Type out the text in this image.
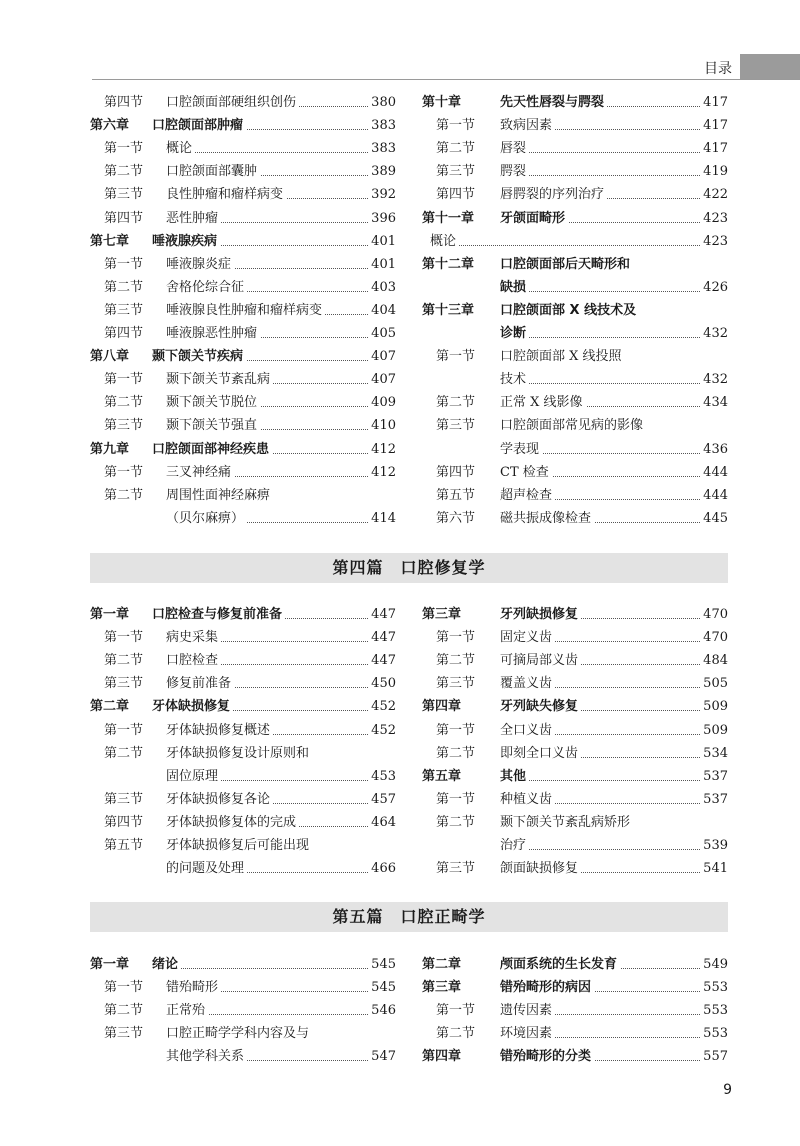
目录
第四节 口腔颌面部硬组织创伤	380
第六章 口腔颌面部肿瘤	383
第一节 概论	383
第二节 口腔颌面部囊肿	389
第三节 良性肿瘤和瘤样病变	392
第四节 恶性肿瘤	396
第七章 唾液腺疾病	401
第一节 唾液腺炎症	401
第二节 舍格伦综合征	403
第三节 唾液腺良性肿瘤和瘤样病变	404
第四节 唾液腺恶性肿瘤	405
第八章 颞下颌关节疾病	407
第一节 颞下颌关节紊乱病	407
第二节 颞下颌关节脱位	409
第三节 颞下颌关节强直	410
第九章 口腔颌面部神经疾患	412
第一节 三叉神经痛	412
第二节 周围性面神经麻痹
（贝尔麻痹）	414
第十章	先天性唇裂与腭裂	417
第一节 致病因素	417
第二节 唇裂	417
第三节 腭裂	419
第四节 唇腭裂的序列治疗	422
第十一章 牙颌面畸形	423
概论	423
第十二章 口腔颌面部后天畸形和
缺损	426
第十三章 口腔颌面部 X 线技术及
诊断	432
第一节 口腔颌面部 X 线投照
技术	432
第二节 正常 X 线影像	434
第三节 口腔颌面部常见病的影像
学表现	436
第四节 CT 检查	444
第五节 超声检查	444
第六节 磁共振成像检查	445
第四篇　口腔修复学
第一章 口腔检查与修复前准备	447
第一节 病史采集	447
第二节 口腔检查	447
第三节 修复前准备	450
第二章 牙体缺损修复	452
第一节 牙体缺损修复概述	452
第二节 牙体缺损修复设计原则和
固位原理	453
第三节 牙体缺损修复各论	457
第四节 牙体缺损修复体的完成	464
第五节 牙体缺损修复后可能出现
的问题及处理	466
第三章	牙列缺损修复	470
第一节 固定义齿	470
第二节 可摘局部义齿	484
第三节 覆盖义齿	505
第四章	牙列缺失修复	509
第一节 全口义齿	509
第二节 即刻全口义齿	534
第五章	其他	537
第一节 种植义齿	537
第二节 颞下颌关节紊乱病矫形
治疗	539
第三节 颌面缺损修复	541
第五篇　口腔正畸学
第一章 绪论	545
第一节 错殆畸形	545
第二节 正常殆	546
第三节 口腔正畸学学科内容及与
其他学科关系	547
第二章	颅面系统的生长发育	549
第三章	错殆畸形的病因	553
第一节 遗传因素	553
第二节 环境因素	553
第四章	错殆畸形的分类	557
9
